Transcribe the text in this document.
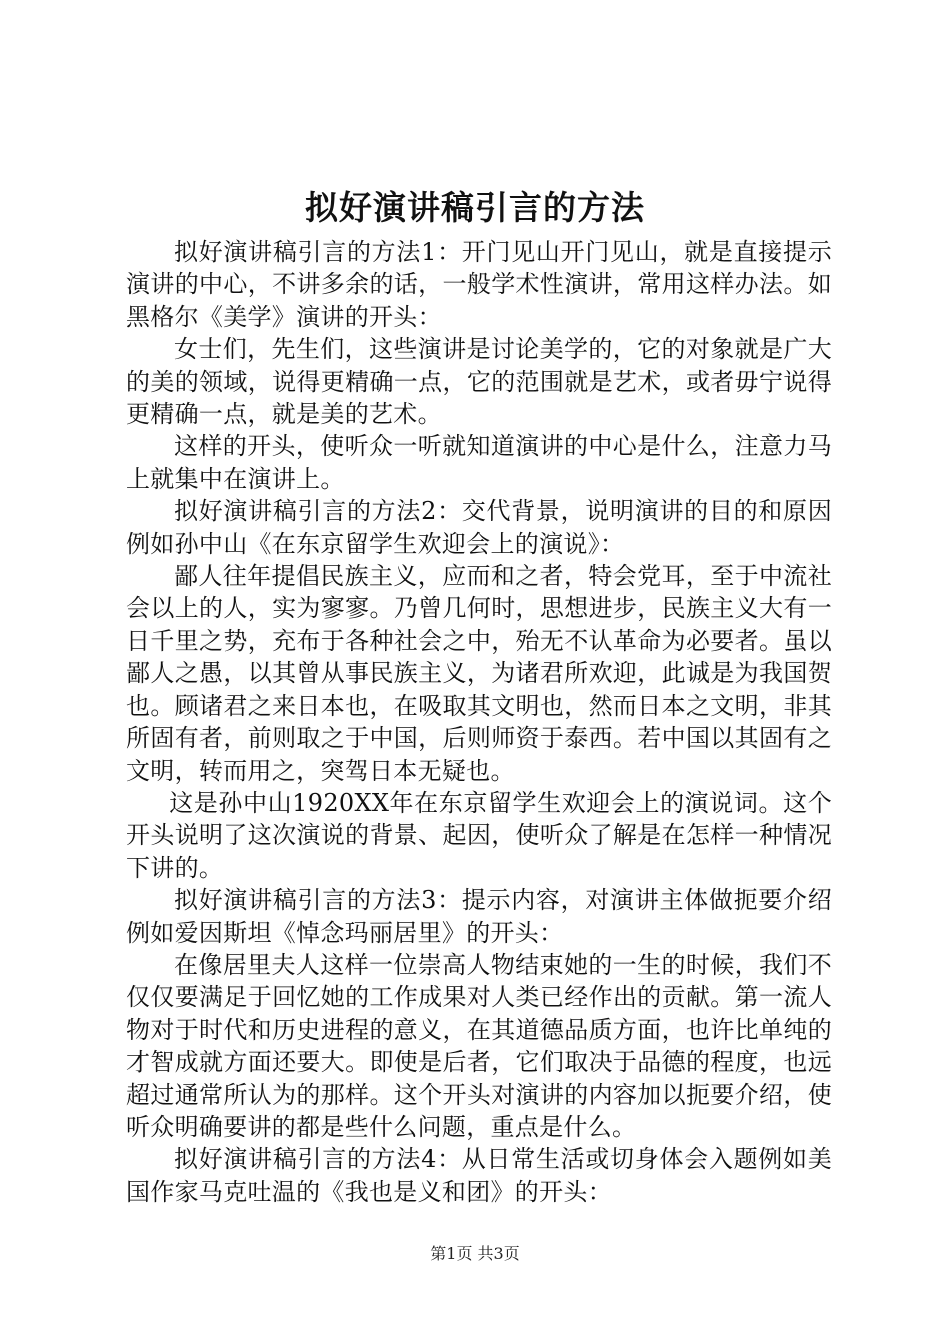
拟好演讲稿引言的方法

拟好演讲稿引言的方法1：开门见山开门见山，就是直接提示演讲的中心，不讲多余的话，一般学术性演讲，常用这样办法。如黑格尔《美学》演讲的开头：

女士们，先生们，这些演讲是讨论美学的，它的对象就是广大的美的领域，说得更精确一点，它的范围就是艺术，或者毋宁说得更精确一点，就是美的艺术。

这样的开头，使听众一听就知道演讲的中心是什么，注意力马上就集中在演讲上。

拟好演讲稿引言的方法2：交代背景，说明演讲的目的和原因例如孙中山《在东京留学生欢迎会上的演说》：

鄙人往年提倡民族主义，应而和之者，特会党耳，至于中流社会以上的人，实为寥寥。乃曾几何时，思想进步，民族主义大有一日千里之势，充布于各种社会之中，殆无不认革命为必要者。虽以鄙人之愚，以其曾从事民族主义，为诸君所欢迎，此诚是为我国贺也。顾诸君之来日本也，在吸取其文明也，然而日本之文明，非其所固有者，前则取之于中国，后则师资于泰西。若中国以其固有之文明，转而用之，突驾日本无疑也。

这是孙中山1920XX年在东京留学生欢迎会上的演说词。这个开头说明了这次演说的背景、起因，使听众了解是在怎样一种情况下讲的。

拟好演讲稿引言的方法3：提示内容，对演讲主体做扼要介绍例如爱因斯坦《悼念玛丽居里》的开头：

在像居里夫人这样一位崇高人物结束她的一生的时候，我们不仅仅要满足于回忆她的工作成果对人类已经作出的贡献。第一流人物对于时代和历史进程的意义，在其道德品质方面，也许比单纯的才智成就方面还要大。即使是后者，它们取决于品德的程度，也远超过通常所认为的那样。这个开头对演讲的内容加以扼要介绍，使听众明确要讲的都是些什么问题，重点是什么。

拟好演讲稿引言的方法4：从日常生活或切身体会入题例如美国作家马克吐温的《我也是义和团》的开头：

第1页 共3页
